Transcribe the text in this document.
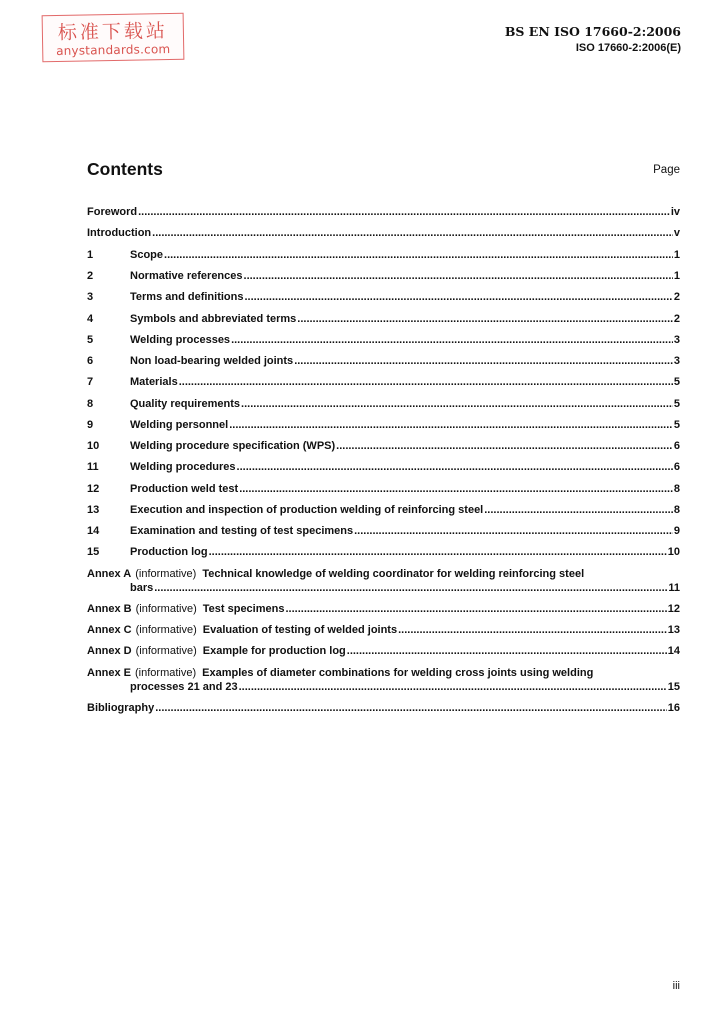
标准下载站
anystandards.com
BS EN ISO 17660-2:2006
ISO 17660-2:2006(E)
Contents	Page
Foreword .....	iv
Introduction .....	v
1	Scope .....	1
2	Normative references .....	1
3	Terms and definitions .....	2
4	Symbols and abbreviated terms .....	2
5	Welding processes .....	3
6	Non load-bearing welded joints .....	3
7	Materials .....	5
8	Quality requirements .....	5
9	Welding personnel .....	5
10	Welding procedure specification (WPS) .....	6
11	Welding procedures .....	6
12	Production weld test .....	8
13	Execution and inspection of production welding of reinforcing steel .....	8
14	Examination and testing of test specimens .....	9
15	Production log .....	10
Annex A (informative) Technical knowledge of welding coordinator for welding reinforcing steel
bars .....	11
Annex B (informative) Test specimens .....	12
Annex C (informative) Evaluation of testing of welded joints .....	13
Annex D (informative) Example for production log .....	14
Annex E (informative) Examples of diameter combinations for welding cross joints using welding
processes 21 and 23 .....	15
Bibliography .....	16
iii
